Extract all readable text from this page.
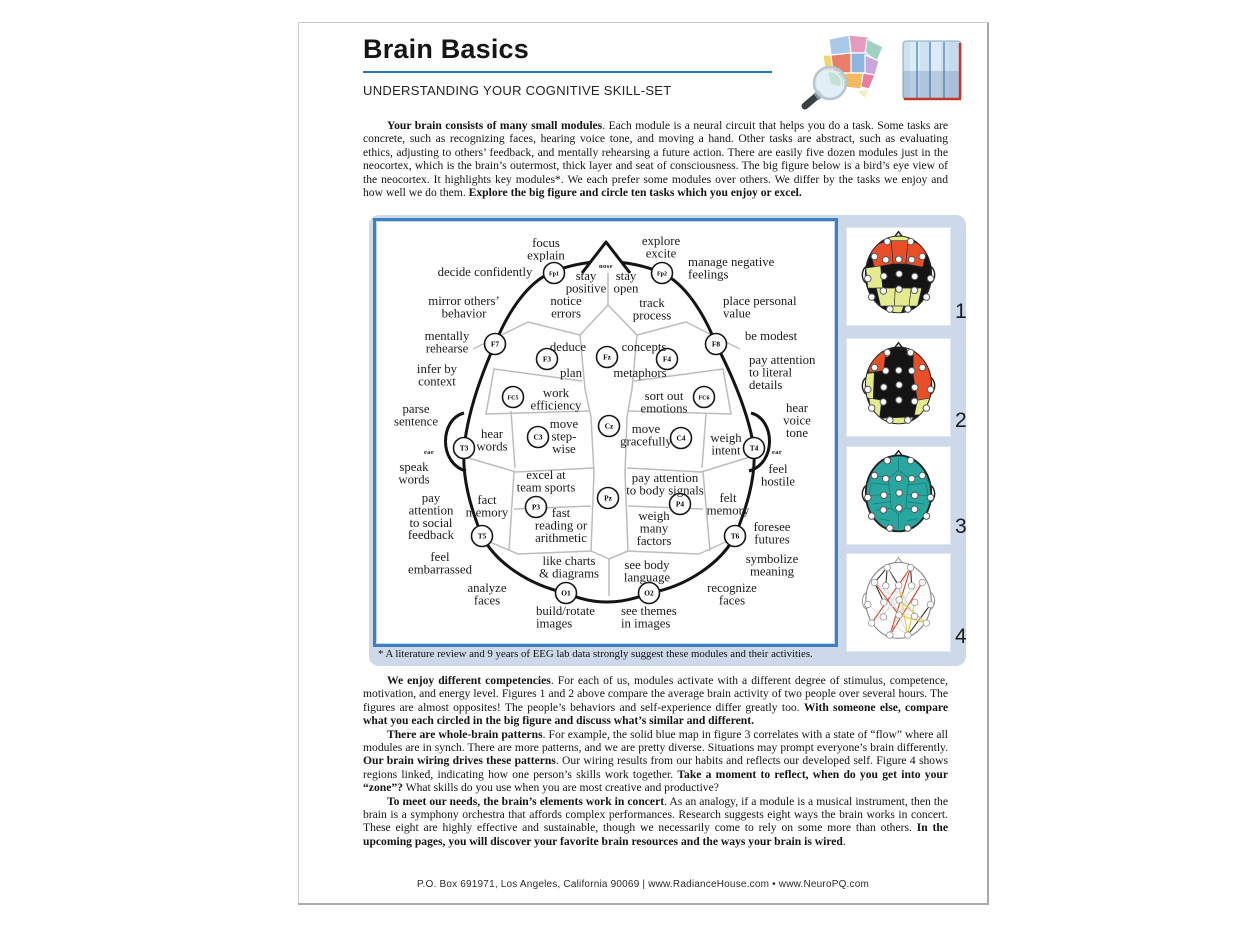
Brain Basics
UNDERSTANDING YOUR COGNITIVE SKILL-SET

Your brain consists of many small modules. Each module is a neural circuit that helps you do a task. Some tasks are concrete, such as recognizing faces, hearing voice tone, and moving a hand. Other tasks are abstract, such as evaluating ethics, adjusting to others’ feedback, and mentally rehearsing a future action. There are easily five dozen modules just in the neocortex, which is the brain’s outermost, thick layer and seat of consciousness. The big figure below is a bird’s eye view of the neocortex. It highlights key modules*. We each prefer some modules over others. We differ by the tasks we enjoy and how well we do them. Explore the big figure and circle ten tasks which you enjoy or excel.

Fp1	Fp2
F7
F3	Fz	F4
F8
FC5	FC6
T3
C3
Cz
C4
T4
T5
P3
Pz
P4
T6
O1	O2
focus explain
explore excite
decide confidently	stay positive
stay open
mirror others’ behavior
notice errors
track process
manage negative feelings
place personal value
mentally rehearse
be modest
deduce	concepts
pay attention to literal details
plan metaphors
infer by context
work efficiency
sort out emotions
parse sentence
hear voice tone
move step-wise
move gracefully
hear words
weigh intent
speak words
feel hostile
excel at team sports
pay attention to body signals
pay attention to social feedback
fact memory
felt memory
fast reading or arithmetic
weigh many factors
foresee futures
feel embarrassed
like charts & diagrams
see body language
symbolize meaning
analyze faces
recognize faces
build/rotate images
see themes in images
nose
ear	ear
* A literature review and 9 years of EEG lab data strongly suggest these modules and their activities.
1
2
3
4

We enjoy different competencies. For each of us, modules activate with a different degree of stimulus, competence, motivation, and energy level. Figures 1 and 2 above compare the average brain activity of two people over several hours. The figures are almost opposites! The people’s behaviors and self-experience differ greatly too. With someone else, compare what you each circled in the big figure and discuss what’s similar and different.

There are whole-brain patterns. For example, the solid blue map in figure 3 correlates with a state of “flow” where all modules are in synch. There are more patterns, and we are pretty diverse. Situations may prompt everyone’s brain differently. Our brain wiring drives these patterns. Our wiring results from our habits and reflects our developed self. Figure 4 shows regions linked, indicating how one person’s skills work together. Take a moment to reflect, when do you get into your “zone”? What skills do you use when you are most creative and productive?

To meet our needs, the brain’s elements work in concert. As an analogy, if a module is a musical instrument, then the brain is a symphony orchestra that affords complex performances. Research suggests eight ways the brain works in concert. These eight are highly effective and sustainable, though we necessarily come to rely on some more than others. In the upcoming pages, you will discover your favorite brain resources and the ways your brain is wired.

P.O. Box 691971, Los Angeles, California 90069 | www.RadianceHouse.com • www.NeuroPQ.com
